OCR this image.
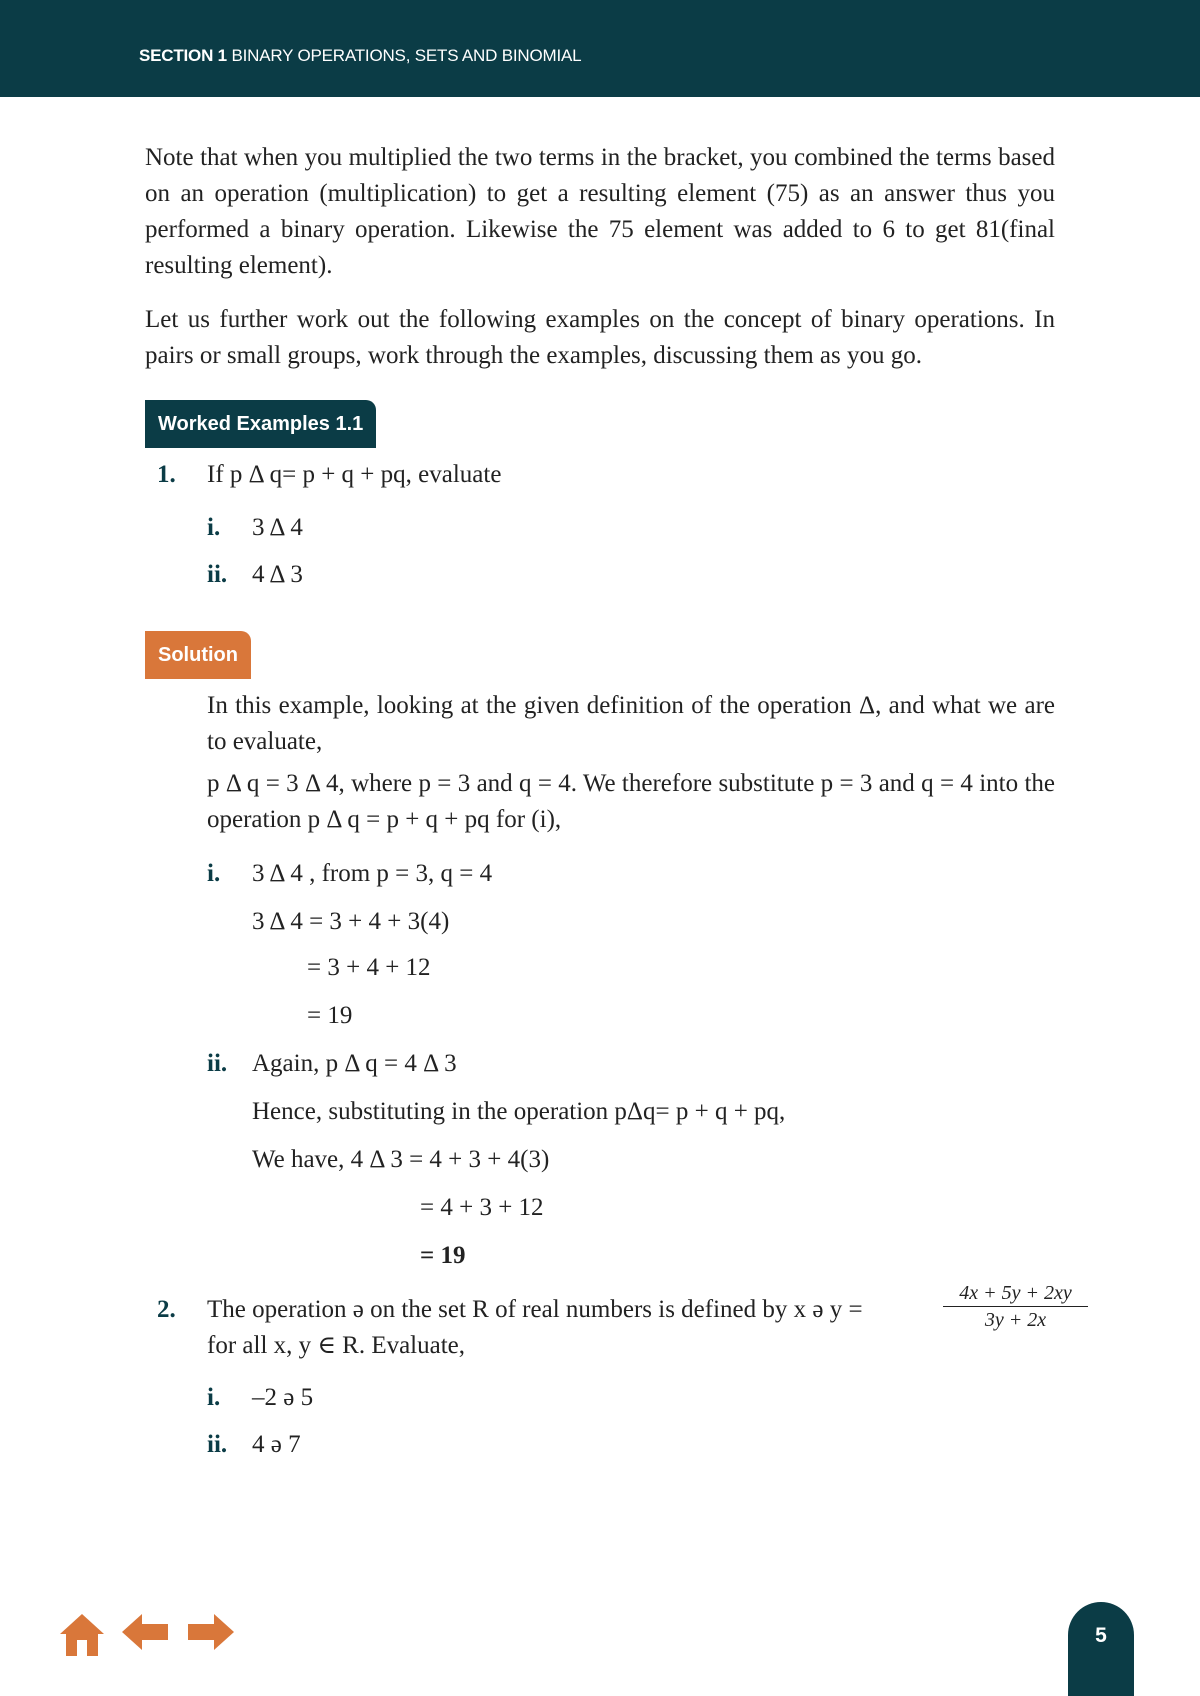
SECTION 1 BINARY OPERATIONS, SETS AND BINOMIAL

Note that when you multiplied the two terms in the bracket, you combined the terms based on an operation (multiplication) to get a resulting element (75) as an answer thus you performed a binary operation. Likewise the 75 element was added to 6 to get 81(final resulting element).

Let us further work out the following examples on the concept of binary operations. In pairs or small groups, work through the examples, discussing them as you go.

Worked Examples 1.1
1. If p Δ q= p + q + pq, evaluate
i. 3 Δ 4
ii. 4 Δ 3
Solution

In this example, looking at the given definition of the operation Δ, and what we are to evaluate,

p Δ q = 3 Δ 4, where p = 3 and q = 4. We therefore substitute p = 3 and q = 4 into the operation p Δ q = p + q + pq for (i),

i. 3 Δ 4 , from p = 3, q = 4
3 Δ 4 = 3 + 4 + 3(4)
= 3 + 4 + 12
= 19
ii. Again, p Δ q = 4 Δ 3
Hence, substituting in the operation pΔq= p + q + pq,
We have, 4 Δ 3 = 4 + 3 + 4(3)
= 4 + 3 + 12
= 19
2. The operation ə on the set R of real numbers is defined by x ə y =	$\frac{4x + 5y + 2xy}{3y + 2x}$
for all x, y ∈ R. Evaluate,
i. –2 ə 5
ii. 4 ə 7
5
